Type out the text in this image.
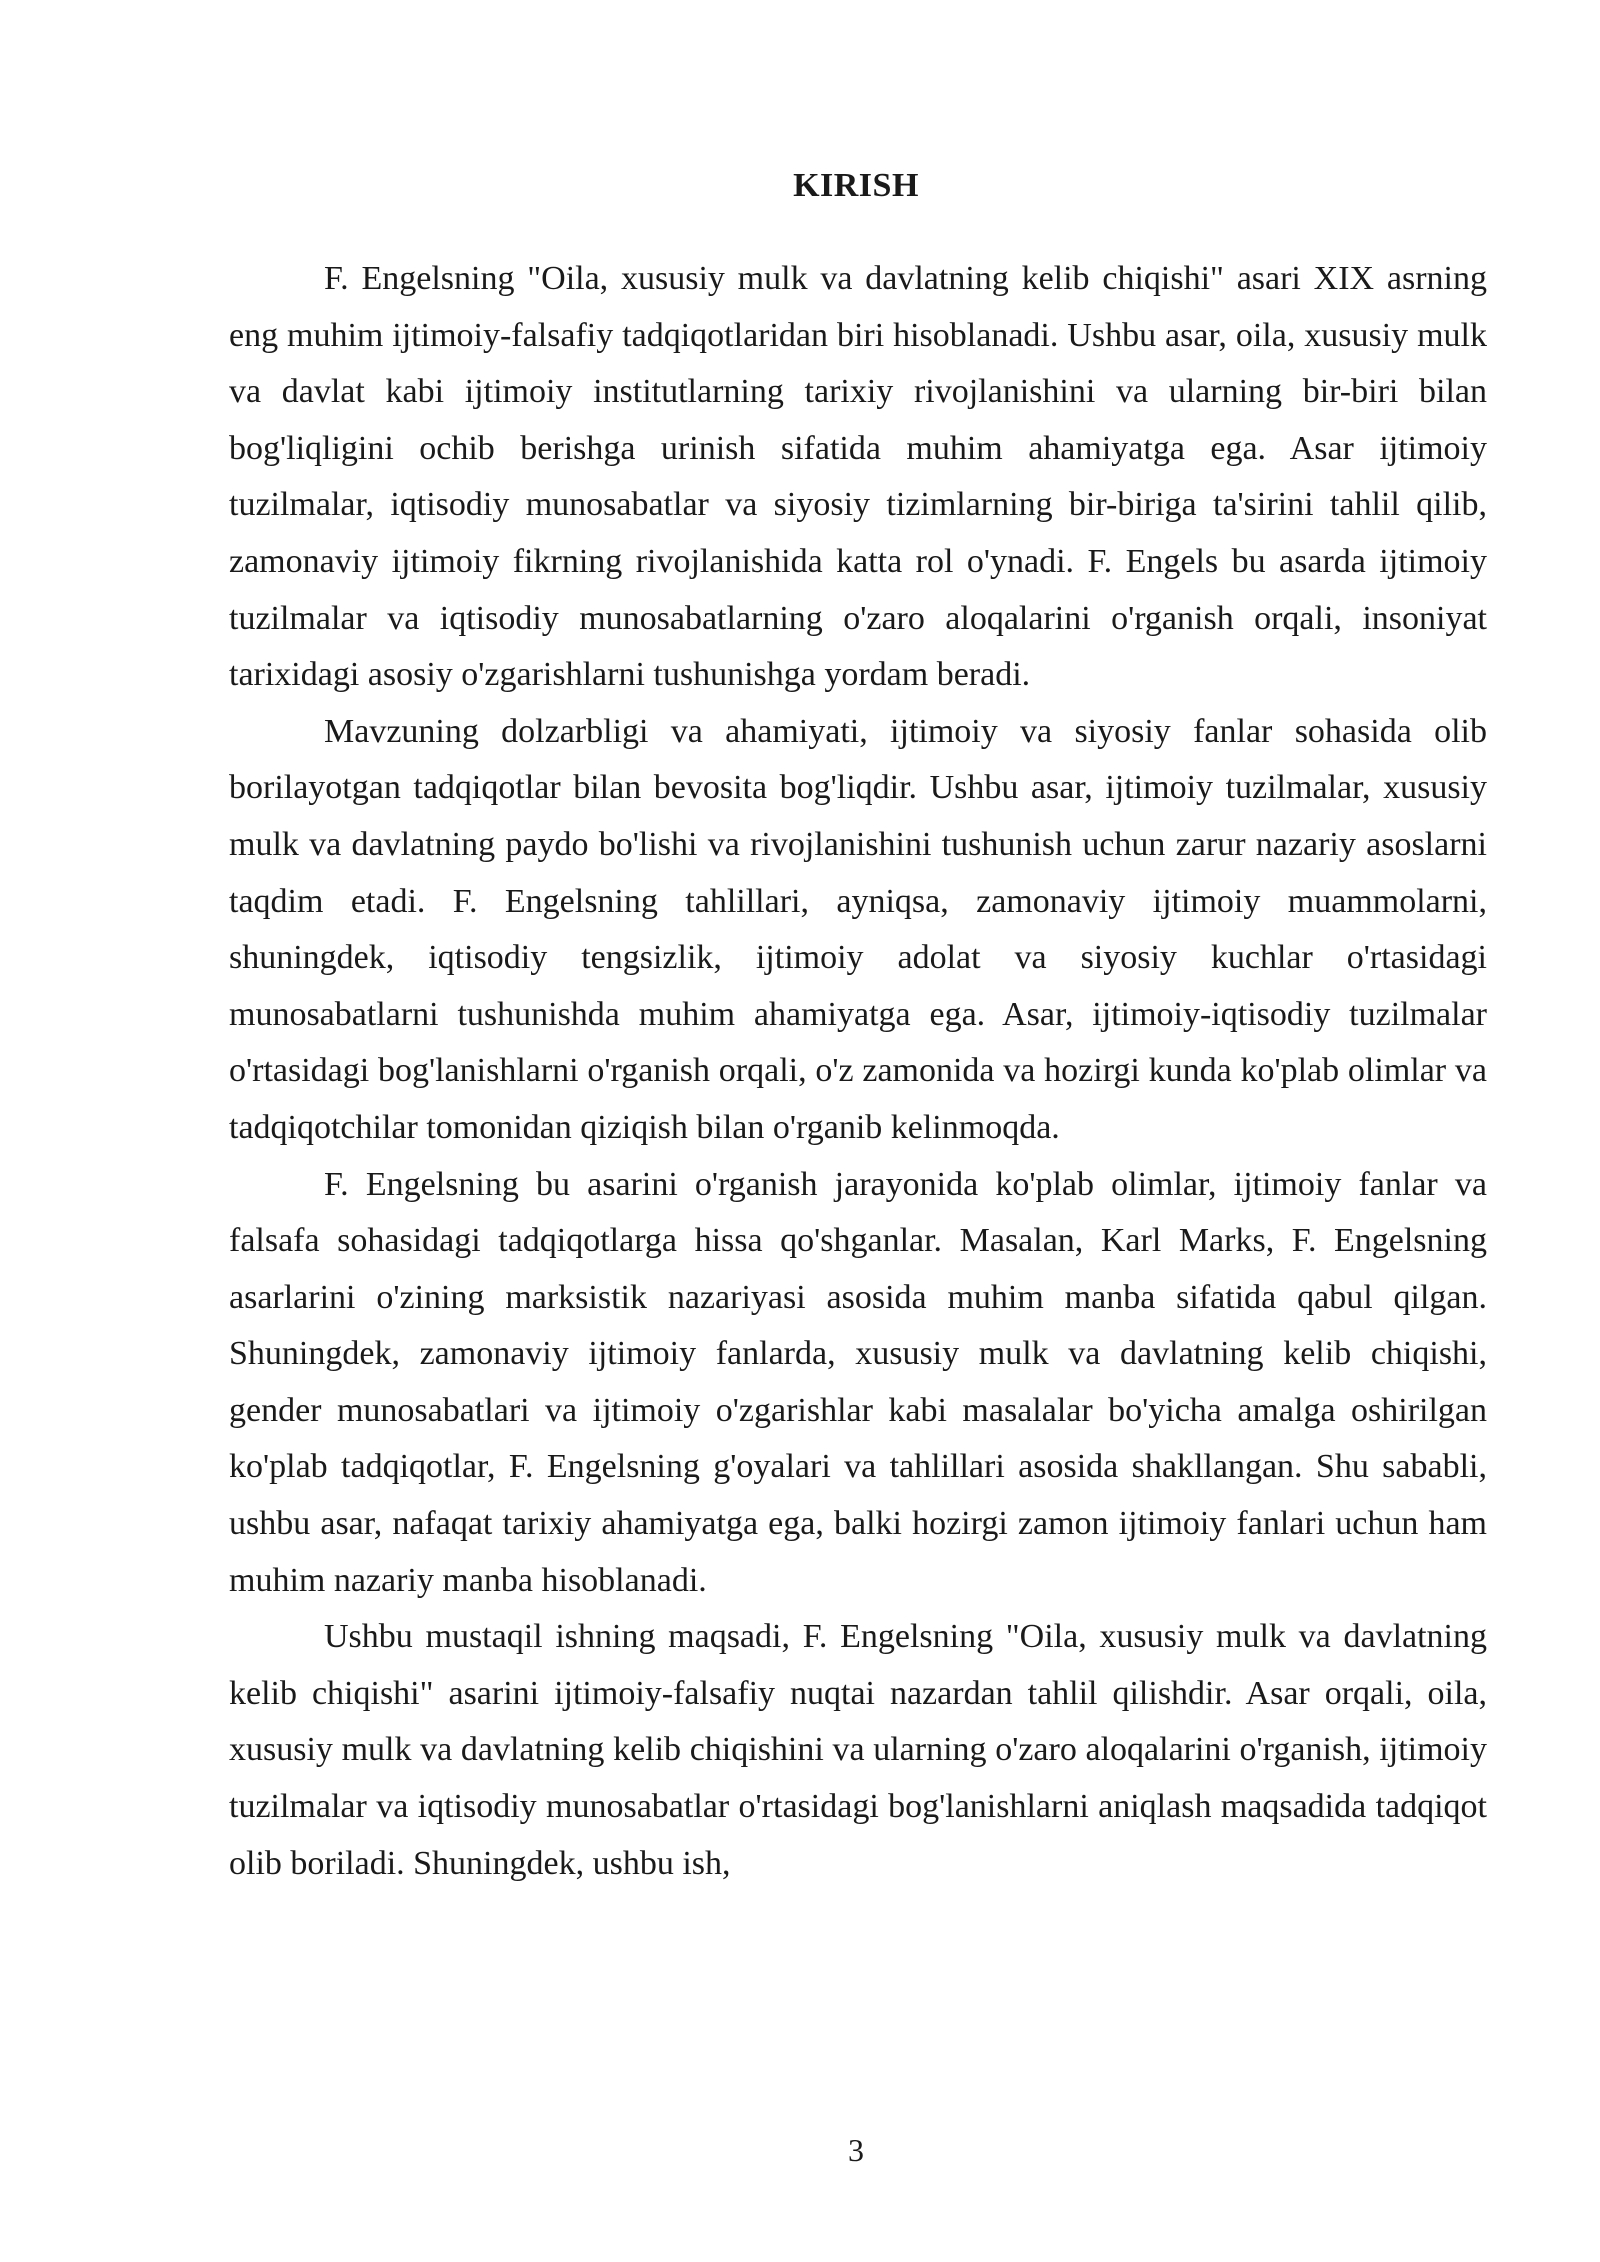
KIRISH

F. Engelsning "Oila, xususiy mulk va davlatning kelib chiqishi" asari XIX asrning eng muhim ijtimoiy-falsafiy tadqiqotlaridan biri hisoblanadi. Ushbu asar, oila, xususiy mulk va davlat kabi ijtimoiy institutlarning tarixiy rivojlanishini va ularning bir-biri bilan bog'liqligini ochib berishga urinish sifatida muhim ahamiyatga ega. Asar ijtimoiy tuzilmalar, iqtisodiy munosabatlar va siyosiy tizimlarning bir-biriga ta'sirini tahlil qilib, zamonaviy ijtimoiy fikrning rivojlanishida katta rol o'ynadi. F. Engels bu asarda ijtimoiy tuzilmalar va iqtisodiy munosabatlarning o'zaro aloqalarini o'rganish orqali, insoniyat tarixidagi asosiy o'zgarishlarni tushunishga yordam beradi.

Mavzuning dolzarbligi va ahamiyati, ijtimoiy va siyosiy fanlar sohasida olib borilayotgan tadqiqotlar bilan bevosita bog'liqdir. Ushbu asar, ijtimoiy tuzilmalar, xususiy mulk va davlatning paydo bo'lishi va rivojlanishini tushunish uchun zarur nazariy asoslarni taqdim etadi. F. Engelsning tahlillari, ayniqsa, zamonaviy ijtimoiy muammolarni, shuningdek, iqtisodiy tengsizlik, ijtimoiy adolat va siyosiy kuchlar o'rtasidagi munosabatlarni tushunishda muhim ahamiyatga ega. Asar, ijtimoiy-iqtisodiy tuzilmalar o'rtasidagi bog'lanishlarni o'rganish orqali, o'z zamonida va hozirgi kunda ko'plab olimlar va tadqiqotchilar tomonidan qiziqish bilan o'rganib kelinmoqda.

F. Engelsning bu asarini o'rganish jarayonida ko'plab olimlar, ijtimoiy fanlar va falsafa sohasidagi tadqiqotlarga hissa qo'shganlar. Masalan, Karl Marks, F. Engelsning asarlarini o'zining marksistik nazariyasi asosida muhim manba sifatida qabul qilgan. Shuningdek, zamonaviy ijtimoiy fanlarda, xususiy mulk va davlatning kelib chiqishi, gender munosabatlari va ijtimoiy o'zgarishlar kabi masalalar bo'yicha amalga oshirilgan ko'plab tadqiqotlar, F. Engelsning g'oyalari va tahlillari asosida shakllangan. Shu sababli, ushbu asar, nafaqat tarixiy ahamiyatga ega, balki hozirgi zamon ijtimoiy fanlari uchun ham muhim nazariy manba hisoblanadi.

Ushbu mustaqil ishning maqsadi, F. Engelsning "Oila, xususiy mulk va davlatning kelib chiqishi" asarini ijtimoiy-falsafiy nuqtai nazardan tahlil qilishdir. Asar orqali, oila, xususiy mulk va davlatning kelib chiqishini va ularning o'zaro aloqalarini o'rganish, ijtimoiy tuzilmalar va iqtisodiy munosabatlar o'rtasidagi bog'lanishlarni aniqlash maqsadida tadqiqot olib boriladi. Shuningdek, ushbu ish,

3
